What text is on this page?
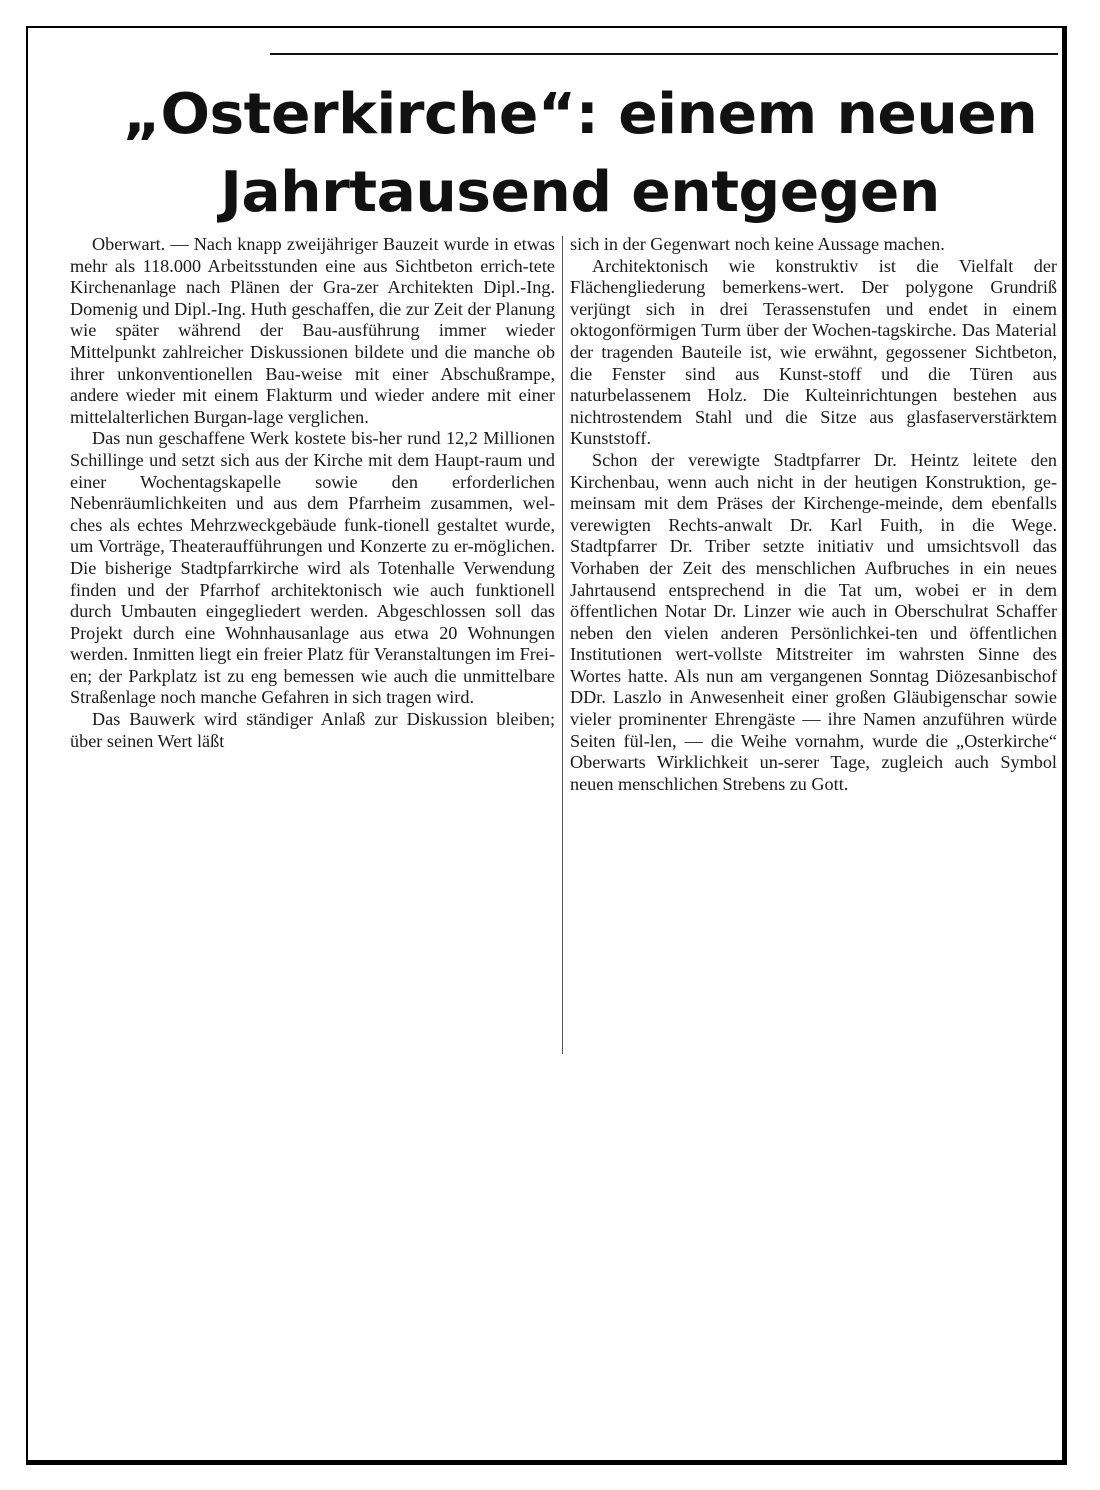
„Osterkirche“: einem neuen
Jahrtausend entgegen

Oberwart. — Nach knapp zweijähriger Bauzeit wurde in etwas mehr als 118.000 Arbeitsstunden eine aus Sichtbeton errich-tete Kirchenanlage nach Plänen der Gra-zer Architekten Dipl.-Ing. Domenig und Dipl.-Ing. Huth geschaffen, die zur Zeit der Planung wie später während der Bau-ausführung immer wieder Mittelpunkt zahlreicher Diskussionen bildete und die manche ob ihrer unkonventionellen Bau-weise mit einer Abschußrampe, andere wieder mit einem Flakturm und wieder andere mit einer mittelalterlichen Burgan-lage verglichen.

Das nun geschaffene Werk kostete bis-her rund 12,2 Millionen Schillinge und setzt sich aus der Kirche mit dem Haupt-raum und einer Wochentagskapelle sowie den erforderlichen Nebenräumlichkeiten und aus dem Pfarrheim zusammen, wel-ches als echtes Mehrzweckgebäude funk-tionell gestaltet wurde, um Vorträge, Theateraufführungen und Konzerte zu er-möglichen. Die bisherige Stadtpfarrkirche wird als Totenhalle Verwendung finden und der Pfarrhof architektonisch wie auch funktionell durch Umbauten eingegliedert werden. Abgeschlossen soll das Projekt durch eine Wohnhausanlage aus etwa 20 Wohnungen werden. Inmitten liegt ein freier Platz für Veranstaltungen im Frei-en; der Parkplatz ist zu eng bemessen wie auch die unmittelbare Straßenlage noch manche Gefahren in sich tragen wird.

Das Bauwerk wird ständiger Anlaß zur Diskussion bleiben; über seinen Wert läßt

sich in der Gegenwart noch keine Aussage machen.

Architektonisch wie konstruktiv ist die Vielfalt der Flächengliederung bemerkens-wert. Der polygone Grundriß verjüngt sich in drei Terassenstufen und endet in einem oktogonförmigen Turm über der Wochen-tagskirche. Das Material der tragenden Bauteile ist, wie erwähnt, gegossener Sichtbeton, die Fenster sind aus Kunst-stoff und die Türen aus naturbelassenem Holz. Die Kulteinrichtungen bestehen aus nichtrostendem Stahl und die Sitze aus glasfaserverstärktem Kunststoff.

Schon der verewigte Stadtpfarrer Dr. Heintz leitete den Kirchenbau, wenn auch nicht in der heutigen Konstruktion, ge-meinsam mit dem Präses der Kirchenge-meinde, dem ebenfalls verewigten Rechts-anwalt Dr. Karl Fuith, in die Wege. Stadtpfarrer Dr. Triber setzte initiativ und umsichtsvoll das Vorhaben der Zeit des menschlichen Aufbruches in ein neues Jahrtausend entsprechend in die Tat um, wobei er in dem öffentlichen Notar Dr. Linzer wie auch in Oberschulrat Schaffer neben den vielen anderen Persönlichkei-ten und öffentlichen Institutionen wert-vollste Mitstreiter im wahrsten Sinne des Wortes hatte. Als nun am vergangenen Sonntag Diözesanbischof DDr. Laszlo in Anwesenheit einer großen Gläubigenschar sowie vieler prominenter Ehrengäste — ihre Namen anzuführen würde Seiten fül-len, — die Weihe vornahm, wurde die „Osterkirche“ Oberwarts Wirklichkeit un-serer Tage, zugleich auch Symbol neuen menschlichen Strebens zu Gott.
